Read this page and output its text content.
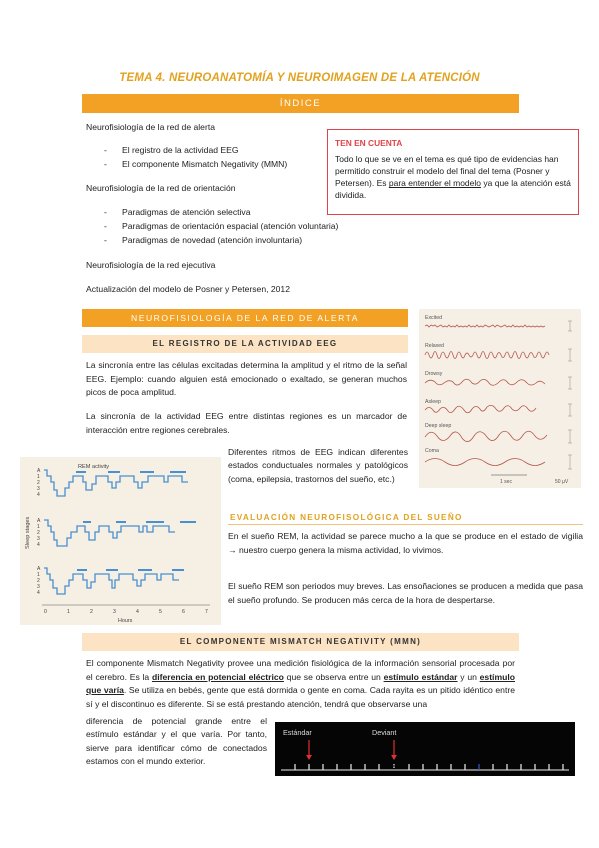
TEMA 4. NEUROANATOMÍA Y NEUROIMAGEN DE LA ATENCIÓN
ÍNDICE
Neurofisiología de la red de alerta
- El registro de la actividad EEG
- El componente Mismatch Negativity (MMN)
Neurofisiología de la red de orientación
- Paradigmas de atención selectiva
- Paradigmas de orientación espacial (atención voluntaria)
- Paradigmas de novedad (atención involuntaria)
Neurofisiología de la red ejecutiva
Actualización del modelo de Posner y Petersen, 2012
TEN EN CUENTA
Todo lo que se ve en el tema es qué tipo de evidencias han permitido construir el modelo del final del tema (Posner y Petersen). Es para entender el modelo ya que la atención está dividida.
NEUROFISIOLOGÍA DE LA RED DE ALERTA
EL REGISTRO DE LA ACTIVIDAD EEG
La sincronía entre las células excitadas determina la amplitud y el ritmo de la señal EEG. Ejemplo: cuando alguien está emocionado o exaltado, se generan muchos picos de poca amplitud.
La sincronía de la actividad EEG entre distintas regiones es un marcador de interacción entre regiones cerebrales.
Diferentes ritmos de EEG indican diferentes estados conductuales normales y patológicos (coma, epilepsia, trastornos del sueño, etc.)
Excited
Relaxed
Drowsy
Asleep
Deep sleep
Coma
1 sec	50 µV
REM activity
Sleep stages
A
1
2
3
4
A
1
2
3
4
A
1
2
3
4
0	1	2	3	4	5	6	7
Hours
EVALUACIÓN NEUROFISOLÓGICA DEL SUEÑO
En el sueño REM, la actividad se parece mucho a la que se produce en el estado de vigilia → nuestro cuerpo genera la misma actividad, lo vivimos.
El sueño REM son periodos muy breves. Las ensoñaciones se producen a medida que pasa el sueño profundo. Se producen más cerca de la hora de despertarse.
EL COMPONENTE MISMATCH NEGATIVITY (MMN)
El componente Mismatch Negativity provee una medición fisiológica de la información sensorial procesada por el cerebro. Es la diferencia en potencial eléctrico que se observa entre un estímulo estándar y un estímulo que varía. Se utiliza en bebés, gente que está dormida o gente en coma. Cada rayita es un pitido idéntico entre sí y el discontinuo es diferente. Si se está prestando atención, tendrá que observarse una
diferencia de potencial grande entre el estímulo estándar y el que varía. Por tanto, sierve para identificar cómo de conectados estamos con el mundo exterior.
Estándar	Deviant
